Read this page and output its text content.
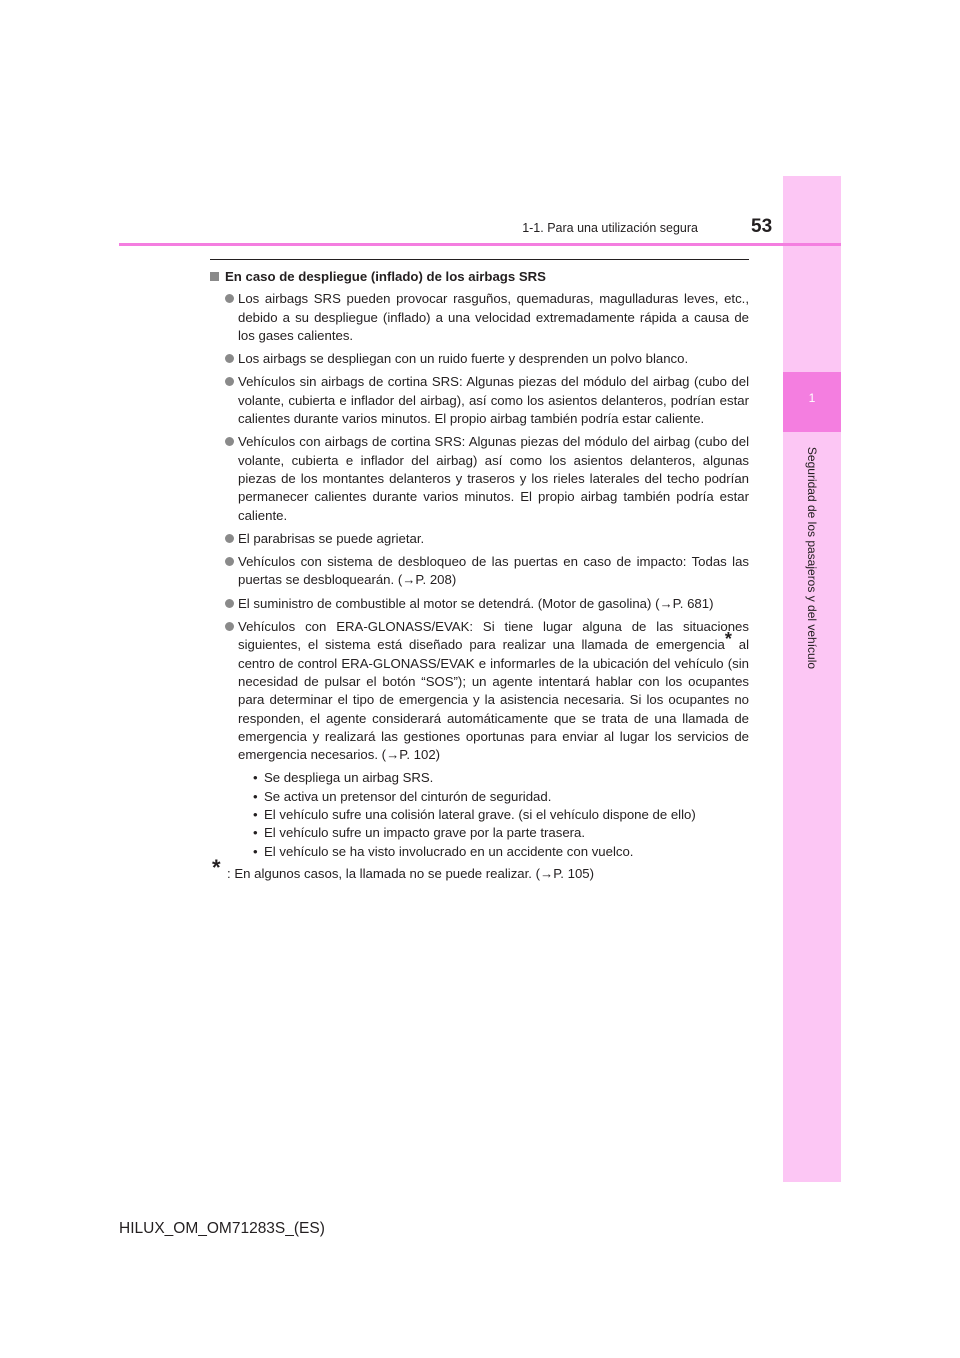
1
Seguridad de los pasajeros y del vehículo
1-1. Para una utilización segura	53
En caso de despliegue (inflado) de los airbags SRS

Los airbags SRS pueden provocar rasguños, quemaduras, magulladuras leves, etc., debido a su despliegue (inflado) a una velocidad extremadamente rápida a causa de los gases calientes.

Los airbags se despliegan con un ruido fuerte y desprenden un polvo blanco.

Vehículos sin airbags de cortina SRS: Algunas piezas del módulo del airbag (cubo del volante, cubierta e inflador del airbag), así como los asientos delanteros, podrían estar calientes durante varios minutos. El propio airbag también podría estar caliente.

Vehículos con airbags de cortina SRS: Algunas piezas del módulo del airbag (cubo del volante, cubierta e inflador del airbag) así como los asientos delanteros, algunas piezas de los montantes delanteros y traseros y los rieles laterales del techo podrían permanecer calientes durante varios minutos. El propio airbag también podría estar caliente.

El parabrisas se puede agrietar.

Vehículos con sistema de desbloqueo de las puertas en caso de impacto: Todas las puertas se desbloquearán. (→P. 208)

El suministro de combustible al motor se detendrá. (Motor de gasolina) (→P. 681)

Vehículos con ERA-GLONASS/EVAK: Si tiene lugar alguna de las situaciones siguientes, el sistema está diseñado para realizar una llamada de emergencia* al centro de control ERA-GLONASS/EVAK e informarles de la ubicación del vehículo (sin necesidad de pulsar el botón “SOS”); un agente intentará hablar con los ocupantes para determinar el tipo de emergencia y la asistencia necesaria. Si los ocupantes no responden, el agente considerará automáticamente que se trata de una llamada de emergencia y realizará las gestiones oportunas para enviar al lugar los servicios de emergencia necesarios. (→P. 102)

• Se despliega un airbag SRS.
• Se activa un pretensor del cinturón de seguridad.
• El vehículo sufre una colisión lateral grave. (si el vehículo dispone de ello)
• El vehículo sufre un impacto grave por la parte trasera.
• El vehículo se ha visto involucrado en un accidente con vuelco.
* : En algunos casos, la llamada no se puede realizar. (→P. 105)
HILUX_OM_OM71283S_(ES)
